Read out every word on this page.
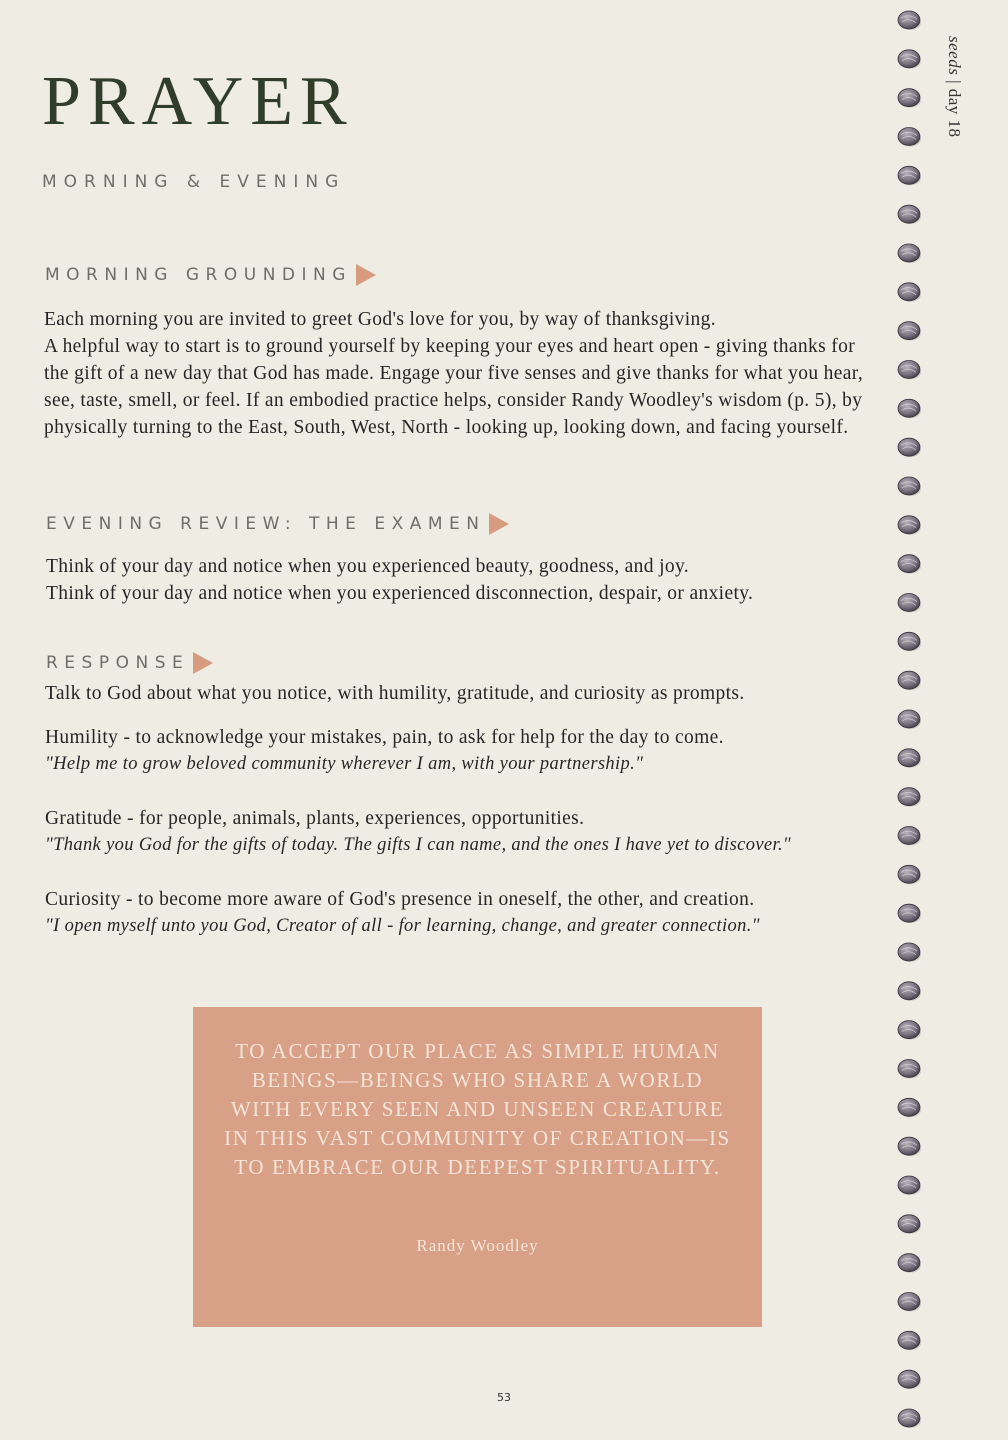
PRAYER
MORNING & EVENING
MORNING GROUNDING

Each morning you are invited to greet God's love for you, by way of thanksgiving.

A helpful way to start is to ground yourself by keeping your eyes and heart open - giving thanks for the gift of a new day that God has made. Engage your five senses and give thanks for what you hear, see, taste, smell, or feel. If an embodied practice helps, consider Randy Woodley's wisdom (p. 5), by physically turning to the East, South, West, North - looking up, looking down, and facing yourself.

EVENING REVIEW: THE EXAMEN

Think of your day and notice when you experienced beauty, goodness, and joy.

Think of your day and notice when you experienced disconnection, despair, or anxiety.

RESPONSE
Talk to God about what you notice, with humility, gratitude, and curiosity as prompts.

Humility - to acknowledge your mistakes, pain, to ask for help for the day to come.

"Help me to grow beloved community wherever I am, with your partnership."

Gratitude - for people, animals, plants, experiences, opportunities.

"Thank you God for the gifts of today. The gifts I can name, and the ones I have yet to discover."

Curiosity - to become more aware of God's presence in oneself, the other, and creation.

"I open myself unto you God, Creator of all - for learning, change, and greater connection."

TO ACCEPT OUR PLACE AS SIMPLE HUMAN BEINGS—BEINGS WHO SHARE A WORLD WITH EVERY SEEN AND UNSEEN CREATURE IN THIS VAST COMMUNITY OF CREATION—IS TO EMBRACE OUR DEEPEST SPIRITUALITY.
Randy Woodley
53
seeds | day 18
